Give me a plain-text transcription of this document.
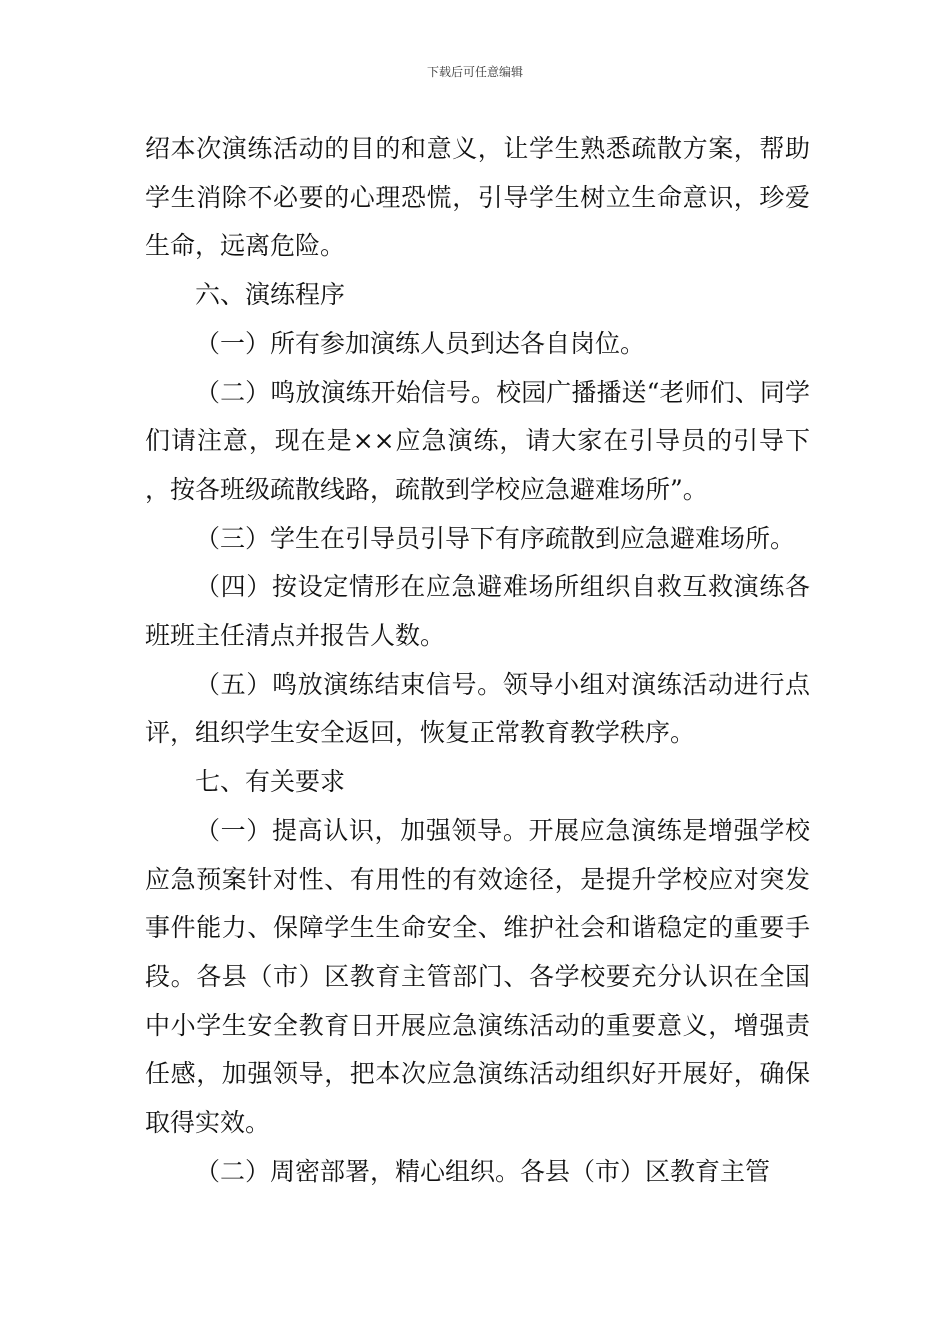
下载后可任意编辑

绍本次演练活动的目的和意义，让学生熟悉疏散方案，帮助学生消除不必要的心理恐慌，引导学生树立生命意识，珍爱生命，远离危险。

六、演练程序

（一）所有参加演练人员到达各自岗位。

（二）鸣放演练开始信号。校园广播播送“老师们、同学们请注意，现在是××应急演练，请大家在引导员的引导下，按各班级疏散线路，疏散到学校应急避难场所”。

（三）学生在引导员引导下有序疏散到应急避难场所。

（四）按设定情形在应急避难场所组织自救互救演练各班班主任清点并报告人数。

（五）鸣放演练结束信号。领导小组对演练活动进行点评，组织学生安全返回，恢复正常教育教学秩序。

七、有关要求

（一）提高认识，加强领导。开展应急演练是增强学校应急预案针对性、有用性的有效途径，是提升学校应对突发事件能力、保障学生生命安全、维护社会和谐稳定的重要手段。各县（市）区教育主管部门、各学校要充分认识在全国中小学生安全教育日开展应急演练活动的重要意义，增强责任感，加强领导，把本次应急演练活动组织好开展好，确保取得实效。

（二）周密部署，精心组织。各县（市）区教育主管
